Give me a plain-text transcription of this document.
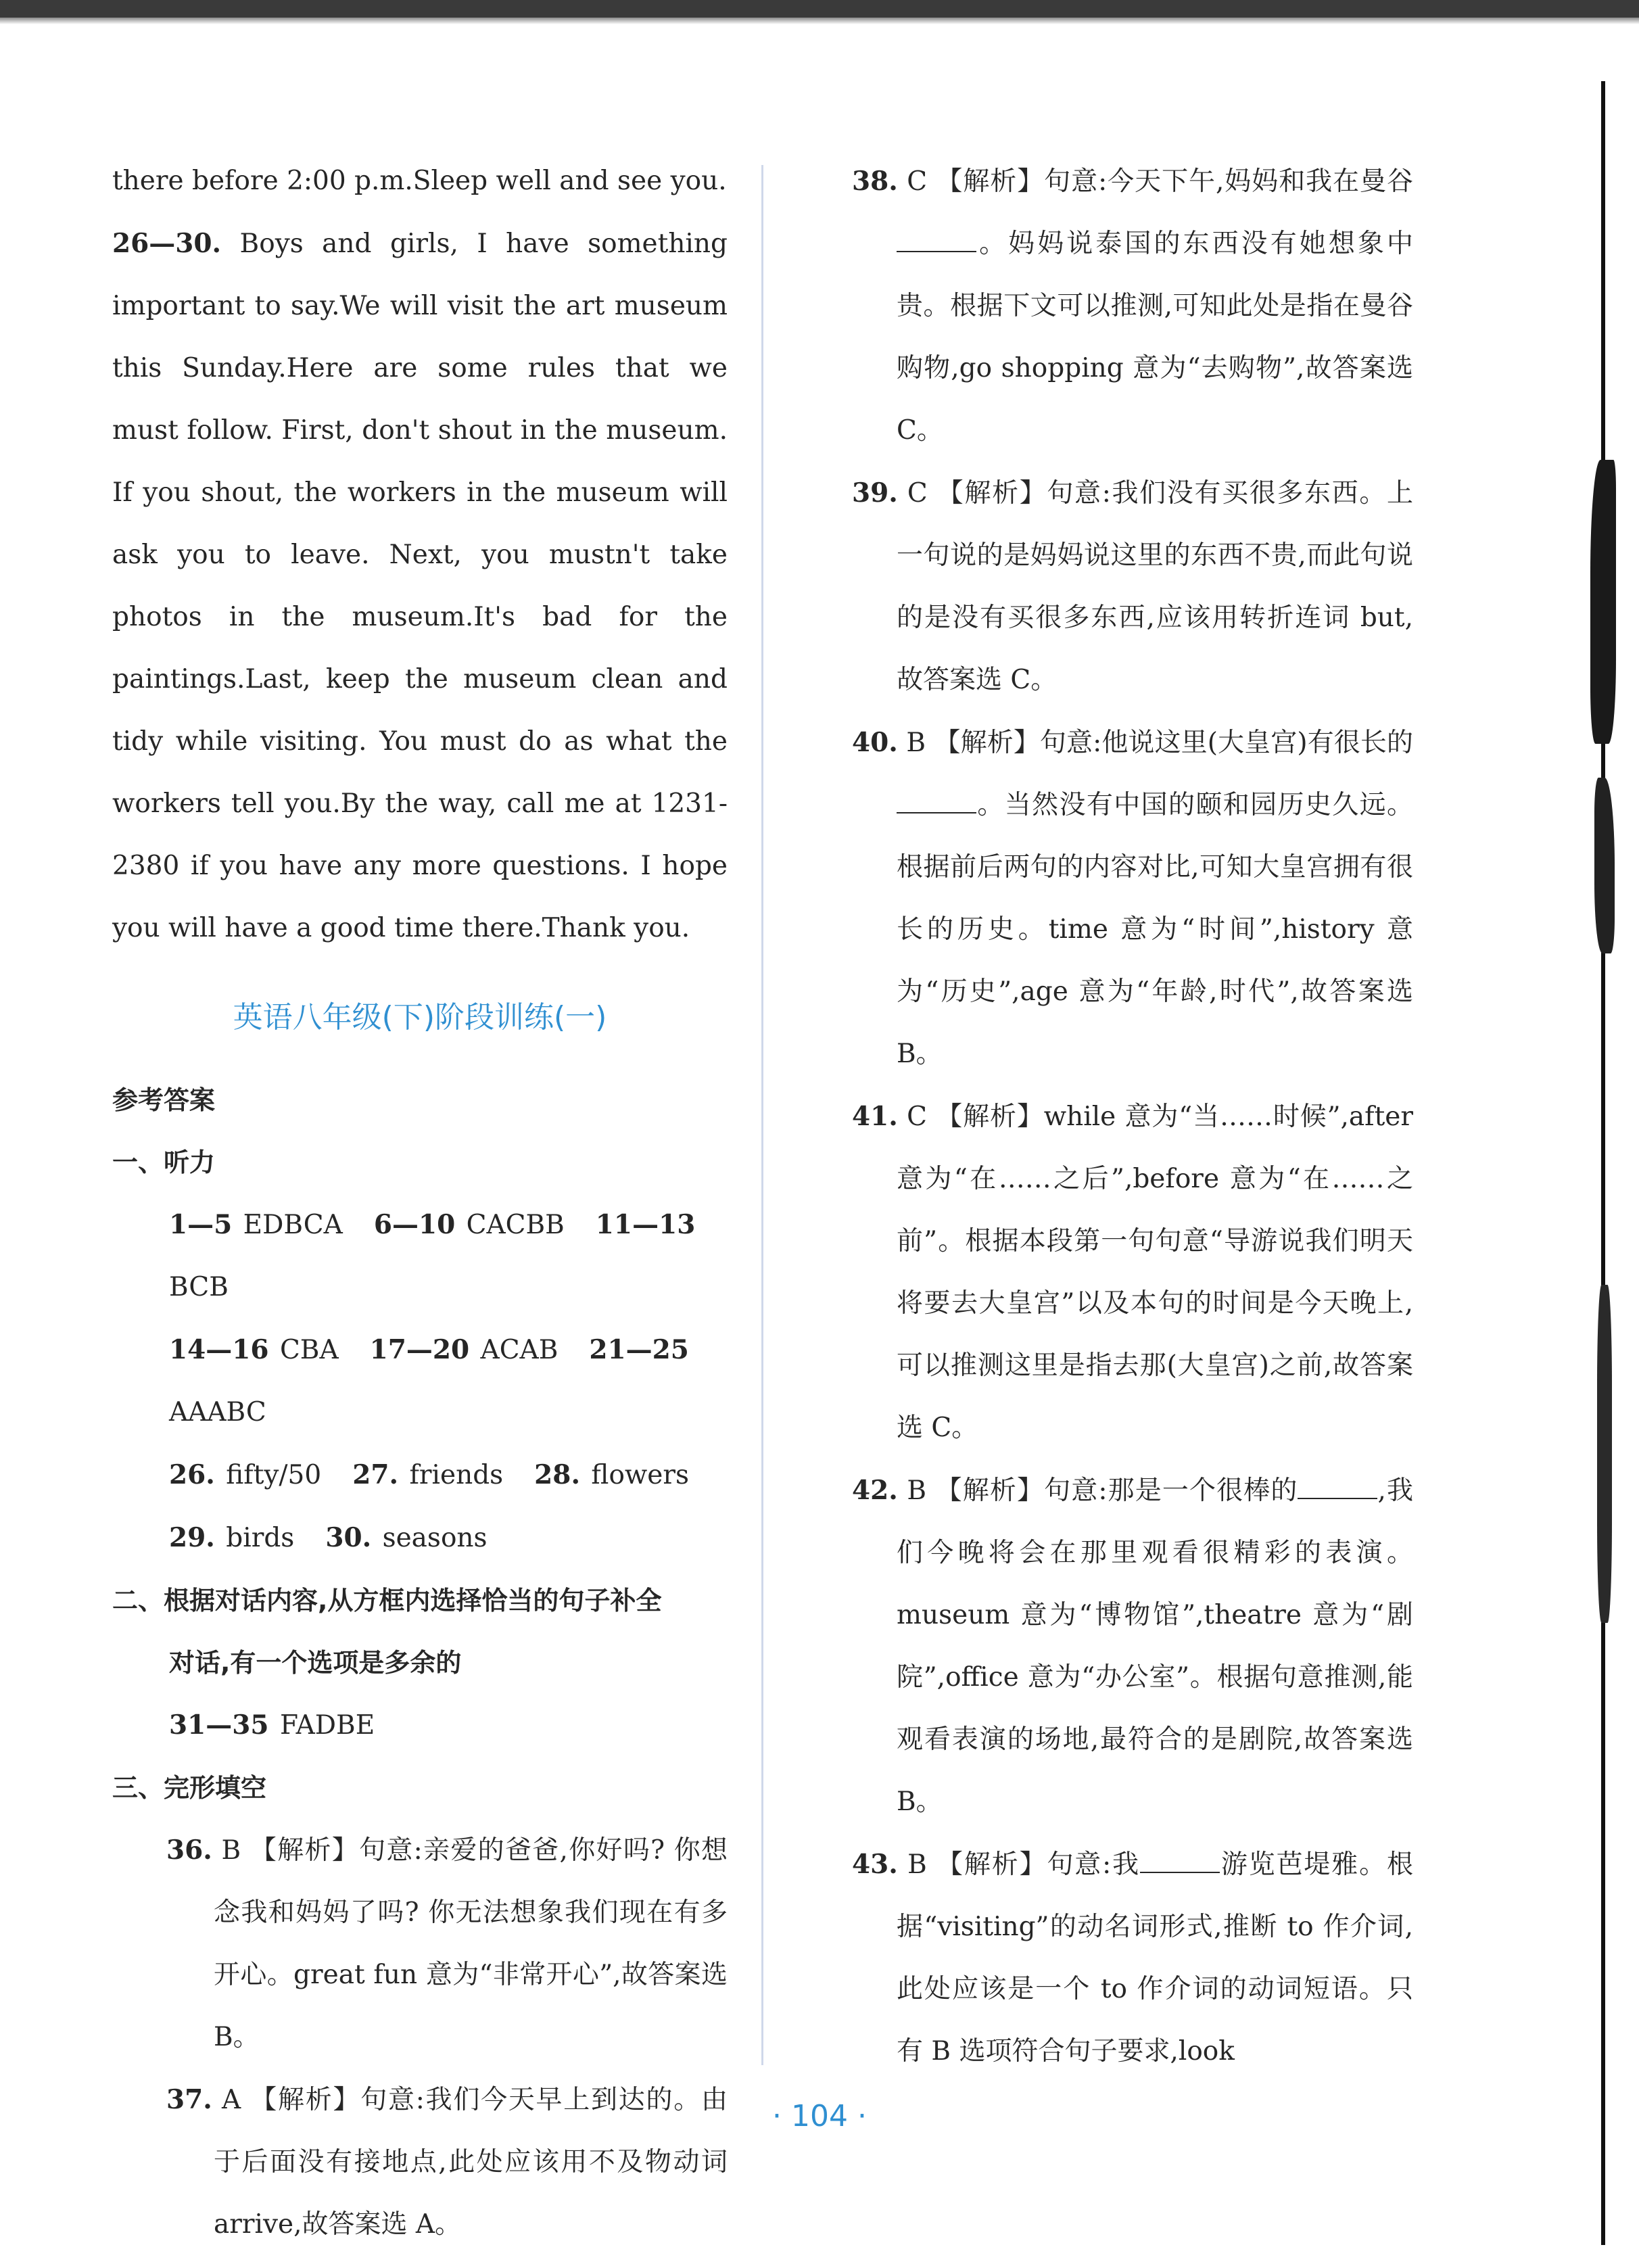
there before 2:00 p.m.Sleep well and see you.

26—30. Boys and girls, I have something important to say.We will visit the art museum this Sunday.Here are some rules that we must follow. First, don't shout in the museum. If you shout, the workers in the museum will ask you to leave. Next, you mustn't take photos in the museum.It's bad for the paintings.Last, keep the museum clean and tidy while visiting. You must do as what the workers tell you.By the way, call me at 1231-2380 if you have any more questions. I hope you will have a good time there.Thank you.

英语八年级(下)阶段训练(一)

参考答案

一、听力

1—5 EDBCA 6—10 CACBB 11—13 BCB

14—16 CBA 17—20 ACAB 21—25 AAABC

26. fifty/50 27. friends 28. flowers

29. birds 30. seasons

二、根据对话内容,从方框内选择恰当的句子补全

对话,有一个选项是多余的

31—35 FADBE

三、完形填空

36. B 【解析】句意:亲爱的爸爸,你好吗? 你想念我和妈妈了吗? 你无法想象我们现在有多开心。great fun 意为“非常开心”,故答案选 B。

37. A 【解析】句意:我们今天早上到达的。由于后面没有接地点,此处应该用不及物动词 arrive,故答案选 A。

38. C 【解析】句意:今天下午,妈妈和我在曼谷。妈妈说泰国的东西没有她想象中贵。根据下文可以推测,可知此处是指在曼谷购物,go shopping 意为“去购物”,故答案选 C。

39. C 【解析】句意:我们没有买很多东西。上一句说的是妈妈说这里的东西不贵,而此句说的是没有买很多东西,应该用转折连词 but,故答案选 C。

40. B 【解析】句意:他说这里(大皇宫)有很长的。当然没有中国的颐和园历史久远。根据前后两句的内容对比,可知大皇宫拥有很长的历史。time 意为“时间”,history 意为“历史”,age 意为“年龄,时代”,故答案选 B。

41. C 【解析】while 意为“当……时候”,after 意为“在……之后”,before 意为“在……之前”。根据本段第一句句意“导游说我们明天将要去大皇宫”以及本句的时间是今天晚上,可以推测这里是指去那(大皇宫)之前,故答案选 C。

42. B 【解析】句意:那是一个很棒的	,我们今晚将会在那里观看很精彩的表演。museum 意为“博物馆”,theatre 意为“剧院”,office 意为“办公室”。根据句意推测,能观看表演的场地,最符合的是剧院,故答案选 B。

43. B 【解析】句意:我	游览芭堤雅。根据“visiting”的动名词形式,推断 to 作介词,此处应该是一个 to 作介词的动词短语。只有 B 选项符合句子要求,look

· 104 ·
